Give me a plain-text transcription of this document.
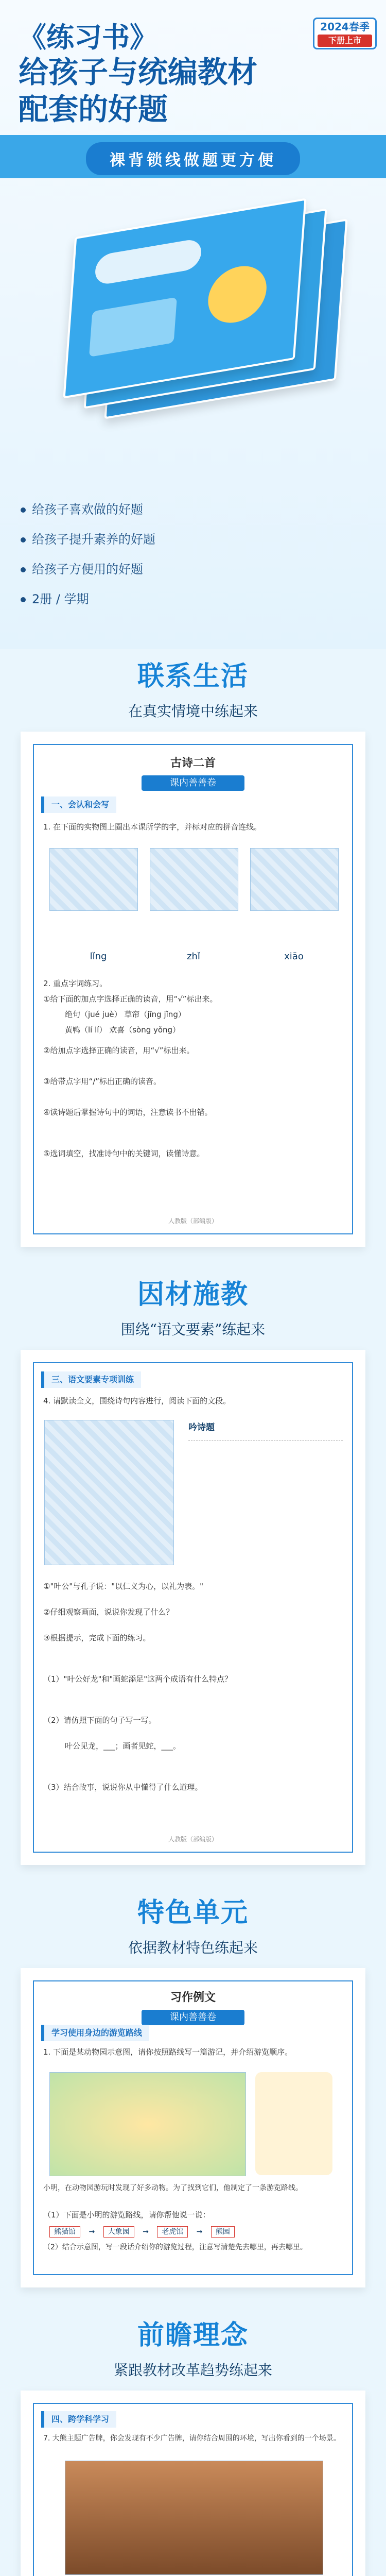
2024春季
下册上市
《练习书》
给孩子与统编教材
配套的好题
裸背锁线做题更方便
给孩子喜欢做的好题
给孩子提升素养的好题
给孩子方便用的好题
2册 / 学期
联系生活
在真实情境中练起来
古诗二首
课内善善卷
一、会认和会写
1. 在下面的实物图上圈出本课所学的字，并标对应的拼音连线。
lǐng	zhǐ	xiāo
2. 重点字词练习。
①给下面的加点字选择正确的读音，用“√”标出来。
绝句（jué juè） 草帘（jīng jǐng）
黄鸭（lí lí） 欢喜（sòng yǒng）
②给加点字选择正确的读音，用“√”标出来。
③给带点字用“/”标出正确的读音。
④读诗题后掌握诗句中的词语，注意读书不出错。
⑤选词填空，找准诗句中的关键词，读懂诗意。
人教版（部编版）
因材施教
围绕“语文要素”练起来
三、语文要素专项训练
4. 请默读全文，围绕诗句内容进行，阅读下面的文段。
吟诗题
①"叶公"与孔子说："以仁义为心，以礼为表。"
②仔细观察画面，说说你发现了什么？
③根据提示，完成下面的练习。
（1）"叶公好龙"和"画蛇添足"这两个成语有什么特点？
（2）请仿照下面的句子写一写。
叶公见龙，___；画者见蛇，___。
（3）结合故事，说说你从中懂得了什么道理。
人教版（部编版）
特色单元
依据教材特色练起来
习作例文
课内善善卷
学习使用身边的游览路线
1. 下面是某动物园示意图，请你按照路线写一篇游记，并介绍游览顺序。
小明，在动物园游玩时发现了好多动物。为了找到它们，他制定了一条游览路线。
（1）下面是小明的游览路线，请你帮他说一说：
熊猫馆 → 大象园 → 老虎馆 → 熊园
（2）结合示意图，写一段话介绍你的游览过程，注意写清楚先去哪里，再去哪里。
前瞻理念
紧跟教材改革趋势练起来
四、跨学科学习
7. 大熊主题广告牌，你会发现有不少广告牌，请你结合周围的环境，写出你看到的一个场景。
